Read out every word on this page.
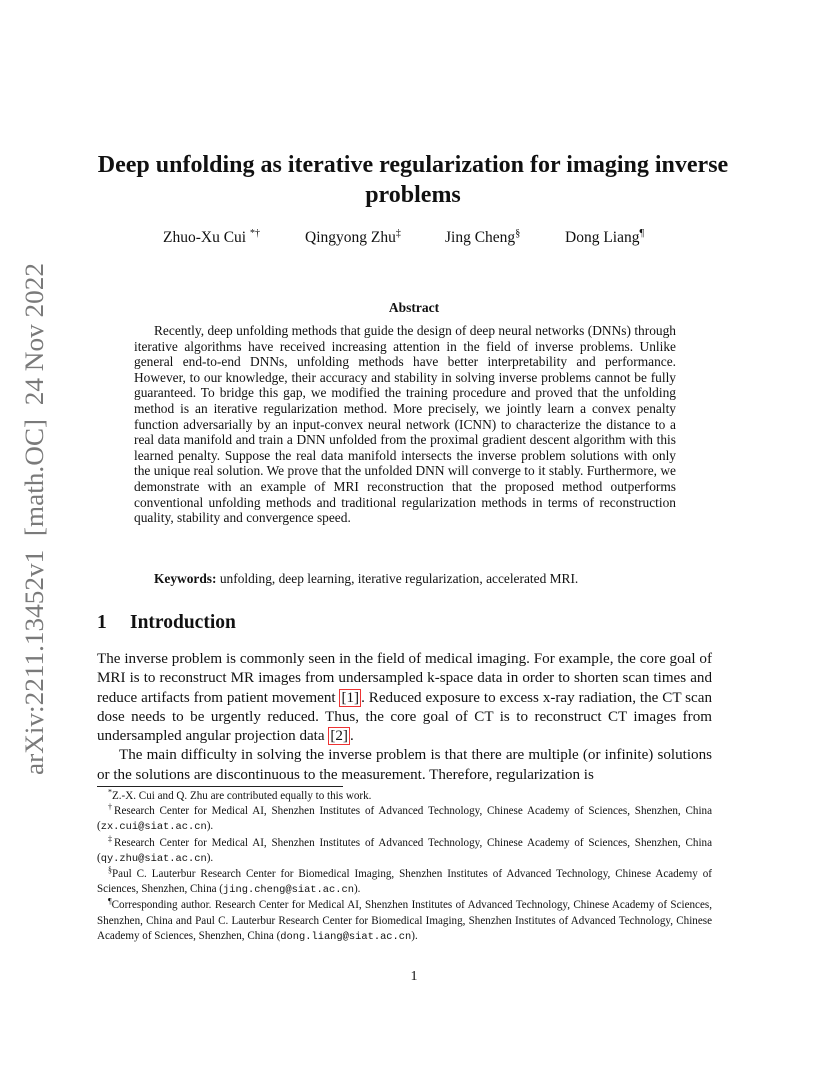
arXiv:2211.13452v1  [math.OC]  24 Nov 2022
Deep unfolding as iterative regularization for imaging inverse problems
Zhuo-Xu Cui *†	Qingyong Zhu‡	Jing Cheng§	Dong Liang¶
Abstract
Recently, deep unfolding methods that guide the design of deep neural networks (DNNs) through iterative algorithms have received increasing attention in the field of inverse problems. Unlike general end-to-end DNNs, unfolding methods have better interpretability and performance. However, to our knowledge, their accuracy and stability in solving inverse problems cannot be fully guaranteed. To bridge this gap, we modified the training procedure and proved that the unfolding method is an iterative regularization method. More precisely, we jointly learn a convex penalty function adversarially by an input-convex neural network (ICNN) to characterize the distance to a real data manifold and train a DNN unfolded from the proximal gradient descent algorithm with this learned penalty. Suppose the real data manifold intersects the inverse problem solutions with only the unique real solution. We prove that the unfolded DNN will converge to it stably. Furthermore, we demonstrate with an example of MRI reconstruction that the proposed method outperforms conventional unfolding methods and traditional regularization methods in terms of reconstruction quality, stability and convergence speed.
Keywords: unfolding, deep learning, iterative regularization, accelerated MRI.
1 Introduction

The inverse problem is commonly seen in the field of medical imaging. For example, the core goal of MRI is to reconstruct MR images from undersampled k-space data in order to shorten scan times and reduce artifacts from patient movement [1] . Reduced exposure to excess x-ray radiation, the CT scan dose needs to be urgently reduced. Thus, the core goal of CT is to reconstruct CT images from undersampled angular projection data [2] .

The main difficulty in solving the inverse problem is that there are multiple (or infinite) solutions or the solutions are discontinuous to the measurement. Therefore, regularization is

*Z.-X. Cui and Q. Zhu are contributed equally to this work.

†Research Center for Medical AI, Shenzhen Institutes of Advanced Technology, Chinese Academy of Sciences, Shenzhen, China (zx.cui@siat.ac.cn).

‡Research Center for Medical AI, Shenzhen Institutes of Advanced Technology, Chinese Academy of Sciences, Shenzhen, China (qy.zhu@siat.ac.cn).

§Paul C. Lauterbur Research Center for Biomedical Imaging, Shenzhen Institutes of Advanced Technology, Chinese Academy of Sciences, Shenzhen, China (jing.cheng@siat.ac.cn).

¶Corresponding author. Research Center for Medical AI, Shenzhen Institutes of Advanced Technology, Chinese Academy of Sciences, Shenzhen, China and Paul C. Lauterbur Research Center for Biomedical Imaging, Shenzhen Institutes of Advanced Technology, Chinese Academy of Sciences, Shenzhen, China (dong.liang@siat.ac.cn).

1
